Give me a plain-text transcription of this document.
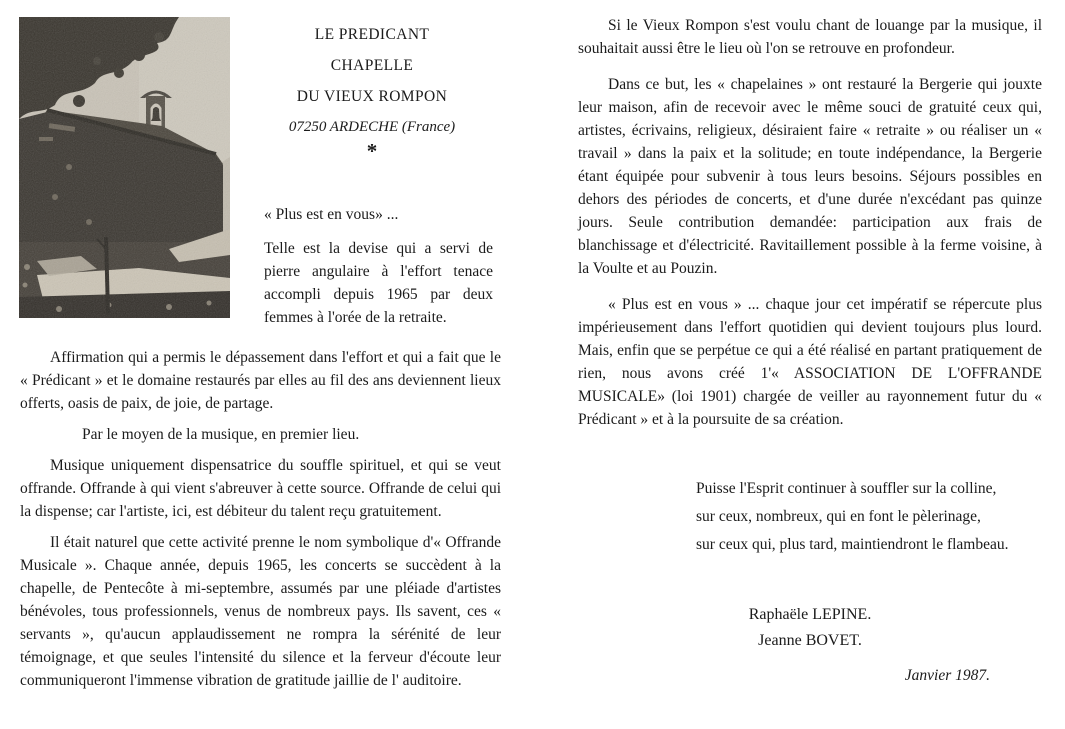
LE PREDICANT

CHAPELLE

DU VIEUX ROMPON

07250 ARDECHE (France)

*

« Plus est en vous» ...

Telle est la devise qui a servi de pierre angulaire à l'effort tenace accompli depuis 1965 par deux femmes à l'orée de la retraite.

Affirmation qui a permis le dépassement dans l'effort et qui a fait que le « Prédicant » et le domaine restaurés par elles au fil des ans deviennent lieux offerts, oasis de paix, de joie, de partage.

Par le moyen de la musique, en premier lieu.

Musique uniquement dispensatrice du souffle spirituel, et qui se veut offrande. Offrande à qui vient s'abreuver à cette source. Offrande de celui qui la dispense; car l'artiste, ici, est débiteur du talent reçu gratuitement.

Il était naturel que cette activité prenne le nom symbolique d'« Offrande Musicale ». Chaque année, depuis 1965, les concerts se succèdent à la chapelle, de Pentecôte à mi-septembre, assumés par une pléiade d'artistes bénévoles, tous professionnels, venus de nombreux pays. Ils savent, ces « servants », qu'aucun applaudissement ne rompra la sérénité de leur témoignage, et que seules l'intensité du silence et la ferveur d'écoute leur communiqueront l'immense vibration de gratitude jaillie de l' auditoire.

Si le Vieux Rompon s'est voulu chant de louange par la musique, il souhaitait aussi être le lieu où l'on se retrouve en profondeur.

Dans ce but, les « chapelaines » ont restauré la Bergerie qui jouxte leur maison, afin de recevoir avec le même souci de gratuité ceux qui, artistes, écrivains, religieux, désiraient faire « retraite » ou réaliser un « travail » dans la paix et la solitude; en toute indépendance, la Bergerie étant équipée pour subvenir à tous leurs besoins. Séjours possibles en dehors des périodes de concerts, et d'une durée n'excédant pas quinze jours. Seule contribution demandée: participation aux frais de blanchissage et d'électricité. Ravitaillement possible à la ferme voisine, à la Voulte et au Pouzin.

« Plus est en vous » ... chaque jour cet impératif se répercute plus impérieusement dans l'effort quotidien qui devient toujours plus lourd. Mais, enfin que se perpétue ce qui a été réalisé en partant pratiquement de rien, nous avons créé 1'« ASSOCIATION DE L'OFFRANDE MUSICALE» (loi 1901) chargée de veiller au rayonnement futur du « Prédicant » et à la poursuite de sa création.

Puisse l'Esprit continuer à souffler sur la colline,
sur ceux, nombreux, qui en font le pèlerinage,
sur ceux qui, plus tard, maintiendront le flambeau.

Raphaële LEPINE.

Jeanne BOVET.

Janvier 1987.
